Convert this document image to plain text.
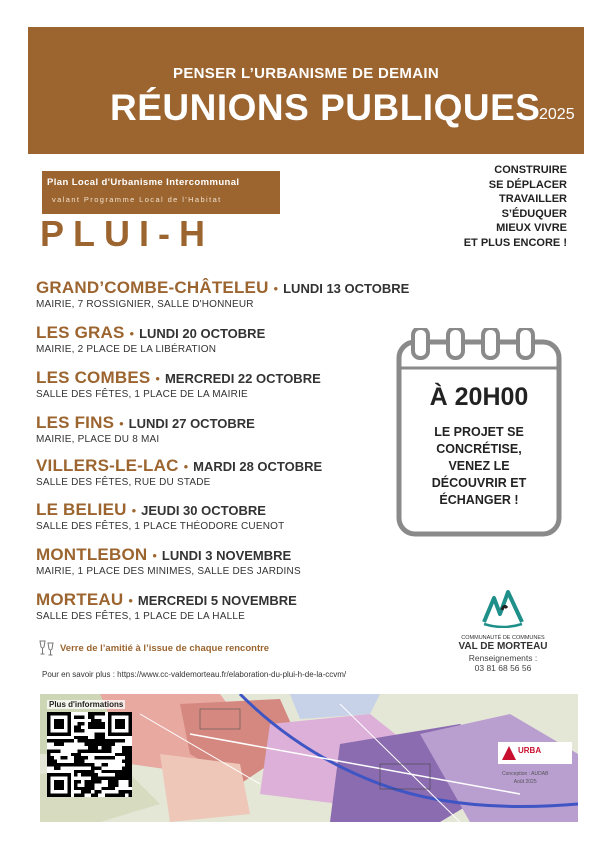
PENSER L’URBANISME DE DEMAIN
RÉUNIONS PUBLIQUES
2025
Plan Local d'Urbanisme Intercommunal
valant Programme Local de l'Habitat
PLUI-H
CONSTRUIRE
SE DÉPLACER
TRAVAILLER
S’ÉDUQUER
MIEUX VIVRE
ET PLUS ENCORE !
GRAND’COMBE-CHÂTELEU • LUNDI 13 OCTOBRE
MAIRIE, 7 ROSSIGNIER, SALLE D'HONNEUR
LES GRAS • LUNDI 20 OCTOBRE
MAIRIE, 2 PLACE DE LA LIBÉRATION
LES COMBES • MERCREDI 22 OCTOBRE
SALLE DES FÊTES, 1 PLACE DE LA MAIRIE
LES FINS • LUNDI 27 OCTOBRE
MAIRIE, PLACE DU 8 MAI
VILLERS-LE-LAC • MARDI 28 OCTOBRE
SALLE DES FÊTES, RUE DU STADE
LE BELIEU • JEUDI 30 OCTOBRE
SALLE DES FÊTES, 1 PLACE THÉODORE CUENOT
MONTLEBON • LUNDI 3 NOVEMBRE
MAIRIE, 1 PLACE DES MINIMES, SALLE DES JARDINS
MORTEAU • MERCREDI 5 NOVEMBRE
SALLE DES FÊTES, 1 PLACE DE LA HALLE
À 20H00
LE PROJET SE
CONCRÉTISE,
VENEZ LE
DÉCOUVRIR ET
ÉCHANGER !
Verre de l’amitié à l’issue de chaque rencontre
Pour en savoir plus : https://www.cc-valdemorteau.fr/elaboration-du-plui-h-de-la-ccvm/
COMMUNAUTÉ DE COMMUNES
VAL DE MORTEAU
Renseignements :
03 81 68 56 56
Plus d'informations
URBA
Conception : AUDAB
Août 2025
